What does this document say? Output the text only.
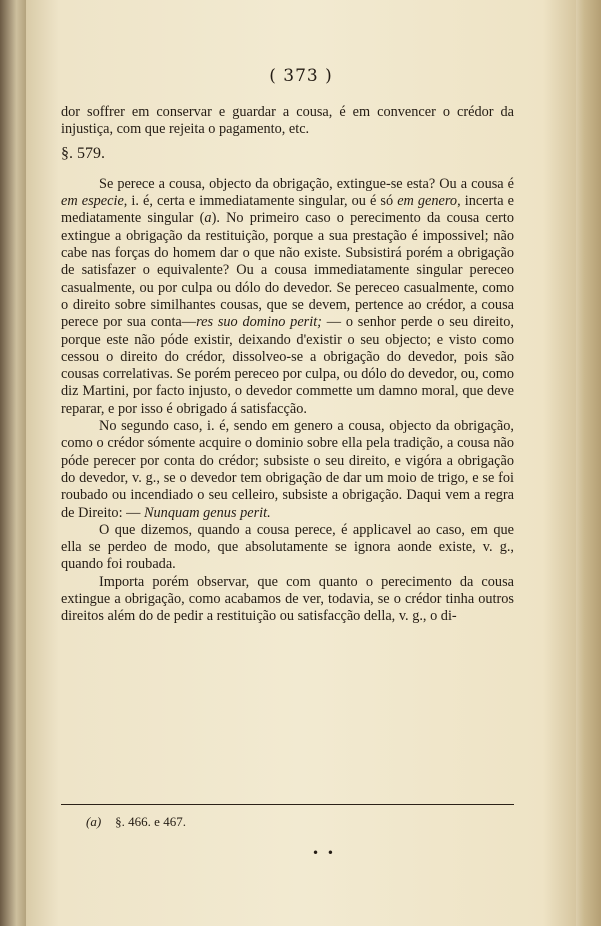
( 373 )

dor soffrer em conservar e guardar a cousa, é em convencer o crédor da injustiça, com que rejeita o pagamento, etc.

§. 579.

Se perece a cousa, objecto da obrigação, extingue-se esta? Ou a cousa é em especie, i. é, certa e immediatamente singular, ou é só em genero, incerta e mediatamente singular (a). No primeiro caso o perecimento da cousa certo extingue a obrigação da restituição, porque a sua prestação é impossivel; não cabe nas forças do homem dar o que não existe. Subsistirá porém a obrigação de satisfazer o equivalente? Ou a cousa immediatamente singular pereceo casualmente, ou por culpa ou dólo do devedor. Se pereceo casualmente, como o direito sobre similhantes cousas, que se devem, pertence ao crédor, a cousa perece por sua conta—res suo domino perit; — o senhor perde o seu direito, porque este não póde existir, deixando d'existir o seu objecto; e visto como cessou o direito do crédor, dissolveo-se a obrigação do devedor, pois são cousas correlativas. Se porém pereceo por culpa, ou dólo do devedor, ou, como diz Martini, por facto injusto, o devedor commette um damno moral, que deve reparar, e por isso é obrigado á satisfacção.

No segundo caso, i. é, sendo em genero a cousa, objecto da obrigação, como o crédor sómente acquire o dominio sobre ella pela tradição, a cousa não póde perecer por conta do crédor; subsiste o seu direito, e vigóra a obrigação do devedor, v. g., se o devedor tem obrigação de dar um moio de trigo, e se foi roubado ou incendiado o seu celleiro, subsiste a obrigação. Daqui vem a regra de Direito: — Nunquam genus perit.

O que dizemos, quando a cousa perece, é applicavel ao caso, em que ella se perdeo de modo, que absolutamente se ignora aonde existe, v. g., quando foi roubada.

Importa porém observar, que com quanto o perecimento da cousa extingue a obrigação, como acabamos de ver, todavia, se o crédor tinha outros direitos além do de pedir a restituição ou satisfacção della, v. g., o di-

(a) §. 466. e 467.
• •
